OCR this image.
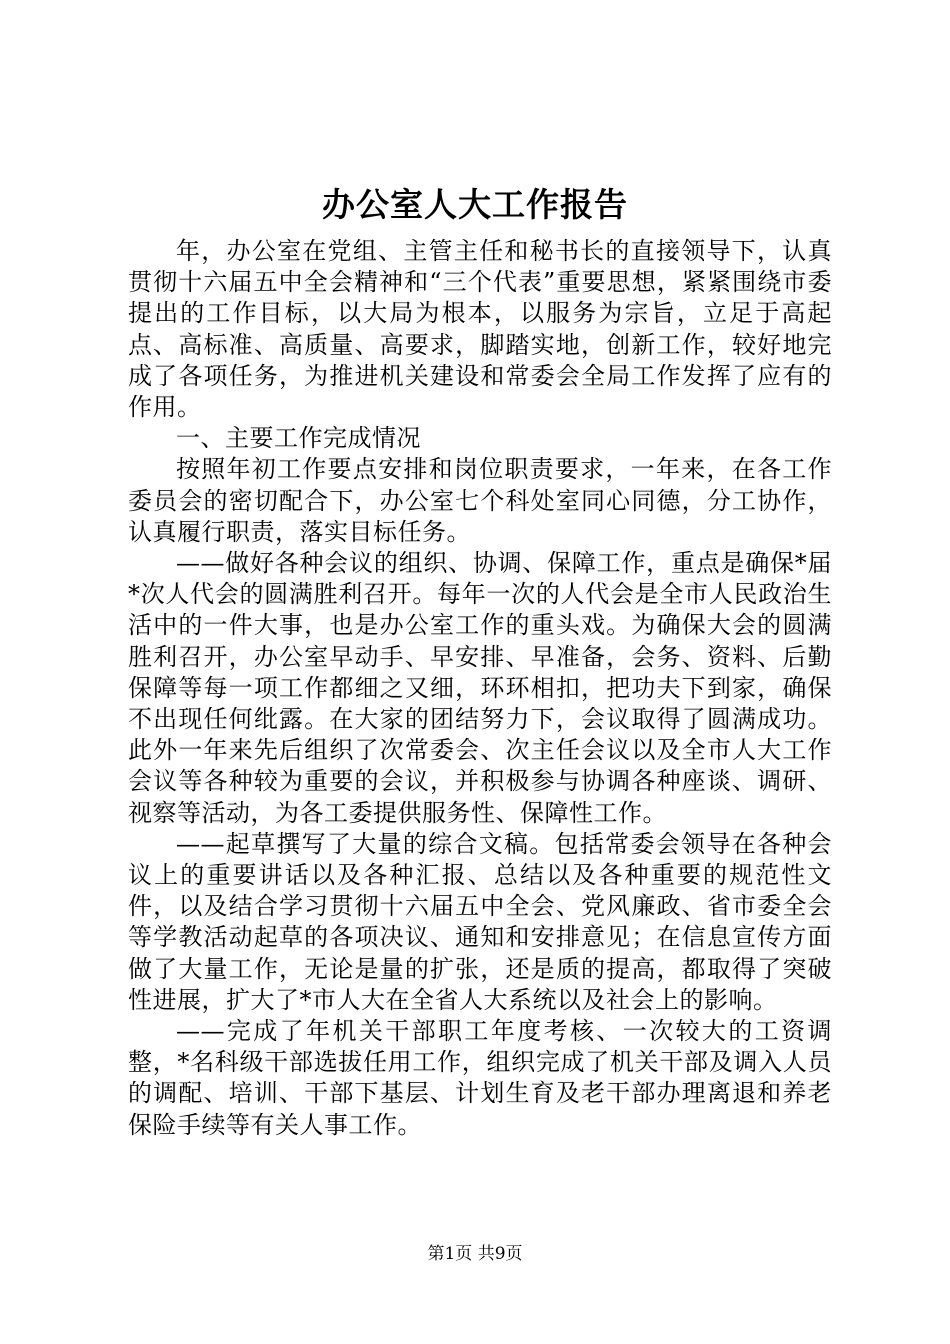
办公室人大工作报告

年，办公室在党组、主管主任和秘书长的直接领导下，认真贯彻十六届五中全会精神和“三个代表”重要思想，紧紧围绕市委提出的工作目标，以大局为根本，以服务为宗旨，立足于高起点、高标准、高质量、高要求，脚踏实地，创新工作，较好地完成了各项任务，为推进机关建设和常委会全局工作发挥了应有的作用。

一、主要工作完成情况

按照年初工作要点安排和岗位职责要求，一年来，在各工作委员会的密切配合下，办公室七个科处室同心同德，分工协作，认真履行职责，落实目标任务。

——做好各种会议的组织、协调、保障工作，重点是确保*届*次人代会的圆满胜利召开。每年一次的人代会是全市人民政治生活中的一件大事，也是办公室工作的重头戏。为确保大会的圆满胜利召开，办公室早动手、早安排、早准备，会务、资料、后勤保障等每一项工作都细之又细，环环相扣，把功夫下到家，确保不出现任何纰露。在大家的团结努力下，会议取得了圆满成功。此外一年来先后组织了次常委会、次主任会议以及全市人大工作会议等各种较为重要的会议，并积极参与协调各种座谈、调研、视察等活动，为各工委提供服务性、保障性工作。

——起草撰写了大量的综合文稿。包括常委会领导在各种会议上的重要讲话以及各种汇报、总结以及各种重要的规范性文件，以及结合学习贯彻十六届五中全会、党风廉政、省市委全会等学教活动起草的各项决议、通知和安排意见；在信息宣传方面做了大量工作，无论是量的扩张，还是质的提高，都取得了突破性进展，扩大了*市人大在全省人大系统以及社会上的影响。

——完成了年机关干部职工年度考核、一次较大的工资调整，*名科级干部选拔任用工作，组织完成了机关干部及调入人员的调配、培训、干部下基层、计划生育及老干部办理离退和养老保险手续等有关人事工作。

第1页 共9页
